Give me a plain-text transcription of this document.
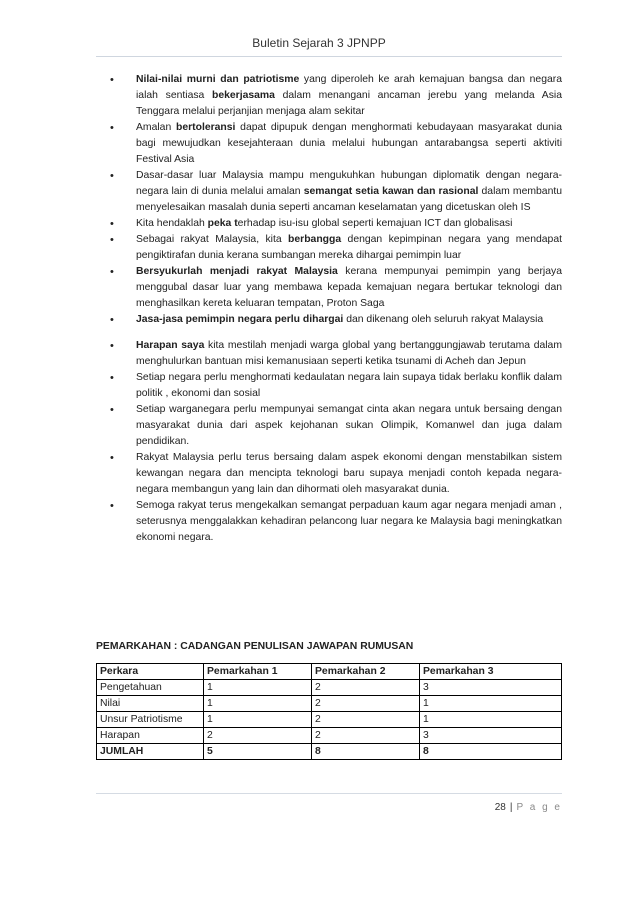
Buletin Sejarah 3 JPNPP
• Nilai-nilai murni dan patriotisme yang diperoleh ke arah kemajuan bangsa dan negara ialah sentiasa bekerjasama dalam menangani ancaman jerebu yang melanda Asia Tenggara melalui perjanjian menjaga alam sekitar
• Amalan bertoleransi dapat dipupuk dengan menghormati kebudayaan masyarakat dunia bagi mewujudkan kesejahteraan dunia melalui hubungan antarabangsa seperti aktiviti Festival Asia
• Dasar-dasar luar Malaysia mampu mengukuhkan hubungan diplomatik dengan negara-negara lain di dunia melalui amalan semangat setia kawan dan rasional dalam membantu menyelesaikan masalah dunia seperti ancaman keselamatan yang dicetuskan oleh IS
• Kita hendaklah peka terhadap isu-isu global seperti kemajuan ICT dan globalisasi
• Sebagai rakyat Malaysia, kita berbangga dengan kepimpinan negara yang mendapat pengiktirafan dunia kerana sumbangan mereka dihargai pemimpin luar
• Bersyukurlah menjadi rakyat Malaysia kerana mempunyai pemimpin yang berjaya menggubal dasar luar yang membawa kepada kemajuan negara bertukar teknologi dan menghasilkan kereta keluaran tempatan, Proton Saga
• Jasa-jasa pemimpin negara perlu dihargai dan dikenang oleh seluruh rakyat Malaysia
• Harapan saya kita mestilah menjadi warga global yang bertanggungjawab terutama dalam menghulurkan bantuan misi kemanusiaan seperti ketika tsunami di Acheh dan Jepun
• Setiap negara perlu menghormati kedaulatan negara lain supaya tidak berlaku konflik dalam politik , ekonomi dan sosial
• Setiap warganegara perlu mempunyai semangat cinta akan negara untuk bersaing dengan masyarakat dunia dari aspek kejohanan sukan Olimpik, Komanwel dan juga dalam pendidikan.
• Rakyat Malaysia perlu terus bersaing dalam aspek ekonomi dengan menstabilkan sistem kewangan negara dan mencipta teknologi baru supaya menjadi contoh kepada negara-negara membangun yang lain dan dihormati oleh masyarakat dunia.
• Semoga rakyat terus mengekalkan semangat perpaduan kaum agar negara menjadi aman , seterusnya menggalakkan kehadiran pelancong luar negara ke Malaysia bagi meningkatkan ekonomi negara.
PEMARKAHAN : CADANGAN PENULISAN JAWAPAN RUMUSAN
Perkara	Pemarkahan 1	Pemarkahan 2	Pemarkahan 3
Pengetahuan	1	2	3
Nilai	1	2	1
Unsur Patriotisme	1	2	1
Harapan	2	2	3
JUMLAH	5	8	8
28 | P a g e
